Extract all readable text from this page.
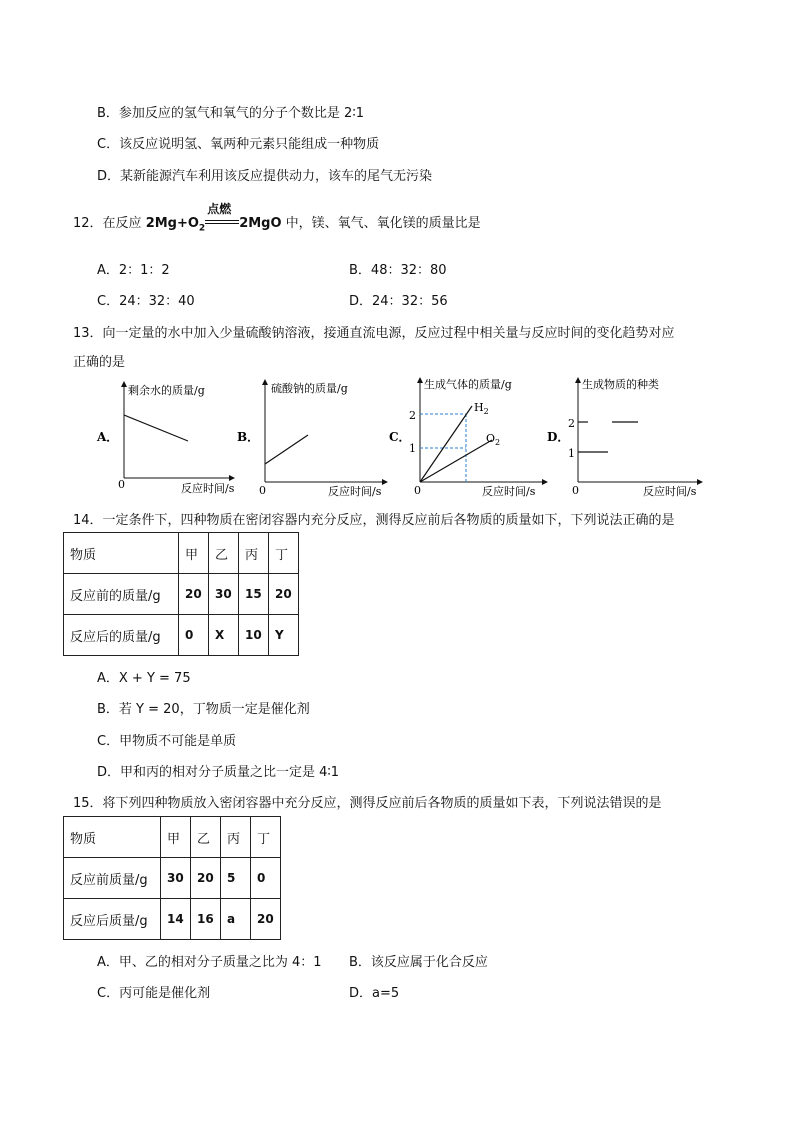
B．参加反应的氢气和氧气的分子个数比是 2∶1
C．该反应说明氢、氧两种元素只能组成一种物质
D．某新能源汽车利用该反应提供动力，该车的尾气无污染
12．在反应 $2Mg+O_2$
点燃
2MgO 中，镁、氧气、氧化镁的质量比是
A．2：1：2	B．48：32：80
C．24：32：40	D．24：32：56
13．向一定量的水中加入少量硫酸钠溶液，接通直流电源，反应过程中相关量与反应时间的变化趋势对应
正确的是
A．
剩余水的质量/g
反应时间/s
0
B．
硫酸钠的质量/g
反应时间/s
0
C．
生成气体的质量/g
反应时间/s
0
2
1
$H_2$
$O_2$	D．
生成物质的种类
反应时间/s
0
2
1
14．一定条件下，四种物质在密闭容器内充分反应，测得反应前后各物质的质量如下，下列说法正确的是
物质	甲	乙	丙	丁
反应前的质量/g	20	30	15	20
反应后的质量/g	0	X	10	Y
A．X + Y = 75
B．若 Y = 20，丁物质一定是催化剂
C．甲物质不可能是单质
D．甲和丙的相对分子质量之比一定是 4∶1
15．将下列四种物质放入密闭容器中充分反应，测得反应前后各物质的质量如下表，下列说法错误的是
物质	甲	乙	丙	丁
反应前质量/g	30	20	5	0
反应后质量/g	14	16	a	20
A．甲、乙的相对分子质量之比为 4：1 B．该反应属于化合反应
C．丙可能是催化剂	D．a=5
